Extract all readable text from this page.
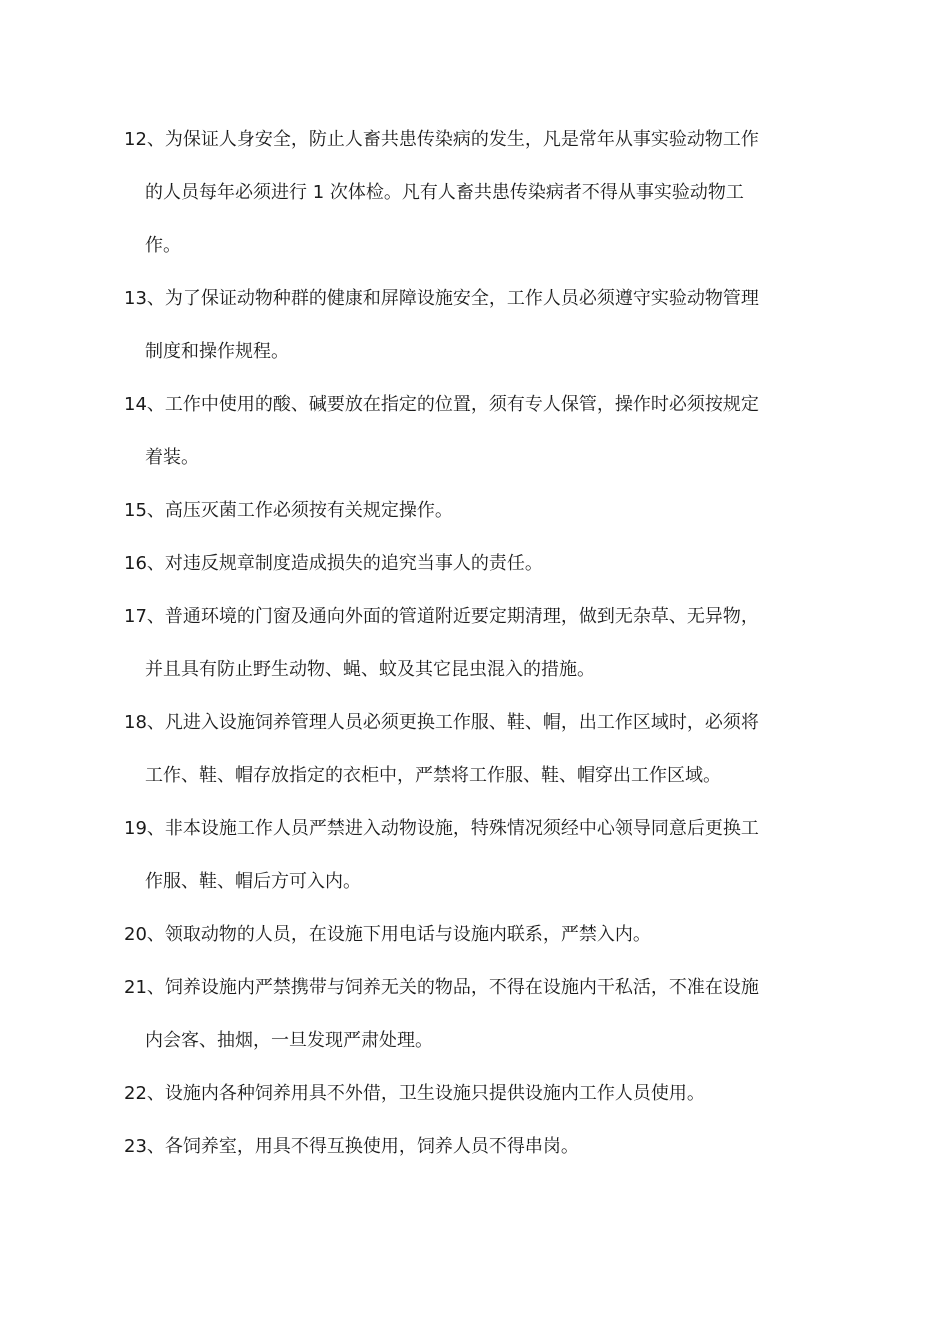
12、为保证人身安全，防止人畜共患传染病的发生，凡是常年从事实验动物工作
的人员每年必须进行 1 次体检。凡有人畜共患传染病者不得从事实验动物工
作。

13、为了保证动物种群的健康和屏障设施安全，工作人员必须遵守实验动物管理
制度和操作规程。

14、工作中使用的酸、碱要放在指定的位置，须有专人保管，操作时必须按规定
着装。

15、高压灭菌工作必须按有关规定操作。

16、对违反规章制度造成损失的追究当事人的责任。

17、普通环境的门窗及通向外面的管道附近要定期清理，做到无杂草、无异物，
并且具有防止野生动物、蝇、蚊及其它昆虫混入的措施。

18、凡进入设施饲养管理人员必须更换工作服、鞋、帽，出工作区域时，必须将
工作、鞋、帽存放指定的衣柜中，严禁将工作服、鞋、帽穿出工作区域。

19、非本设施工作人员严禁进入动物设施，特殊情况须经中心领导同意后更换工
作服、鞋、帽后方可入内。

20、领取动物的人员，在设施下用电话与设施内联系，严禁入内。

21、饲养设施内严禁携带与饲养无关的物品，不得在设施内干私活，不准在设施
内会客、抽烟，一旦发现严肃处理。

22、设施内各种饲养用具不外借，卫生设施只提供设施内工作人员使用。

23、各饲养室，用具不得互换使用，饲养人员不得串岗。
